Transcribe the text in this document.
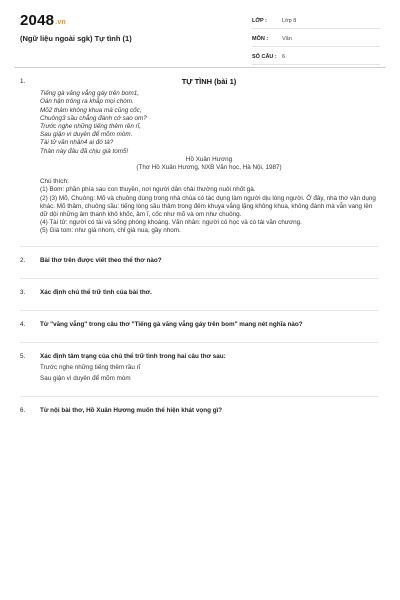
2048.vn
(Ngữ liệu ngoài sgk) Tự tình (1)
LỚP :	Lớp 8
MÔN :	Văn
SỐ CÂU : 6
1.	TỰ TÌNH (bài 1)
Tiếng gà văng vẳng gáy trên bom1,
Oán hận trông ra khắp mọi chòm.
Mõ2 thâm không khua mà cũng cốc,
Chuông3 sầu chẳng đánh cớ sao om?
Trước nghe những tiếng thêm rền rĩ,
Sau giận vì duyên để mõm mòm.
Tài tử văn nhân4 ai đó tá?
Thân này đâu đã chịu già tom5!
Hồ Xuân Hương
(Thơ Hồ Xuân Hương, NXB Văn học, Hà Nội, 1987)
Chú thích:
(1) Bom: phần phía sau con thuyền, nơi người dân chài thường nuôi nhốt gà.
(2) (3) Mõ, Chuông: Mõ và chuông dùng trong nhà chùa có tác dụng làm người dịu lòng người. Ở đây, nhà thơ vận dụng khác. Mõ thâm, chuông sầu: tiếng lòng sầu thảm trong đêm khuya vắng lặng không khua, không đánh mà vẫn vang lên dữ dội những âm thanh khô khốc, âm ĩ, cốc như mõ và om như chuông.
(4) Tài tử: người có tài và sống phóng khoáng. Văn nhân: người có học và có tài văn chương.
(5) Già tom: như già nhom, chỉ già nua, gầy nhom.
2.	Bài thơ trên được viết theo thể thơ nào?
3.	Xác định chủ thể trữ tình của bài thơ.
4.	Từ "văng vẳng" trong câu thơ "Tiếng gà văng vẳng gáy trên bom" mang nét nghĩa nào?
5.	Xác định tâm trạng của chủ thể trữ tình trong hai câu thơ sau:
Trước nghe những tiếng thêm rầu rĩ
Sau giận vì duyên để mõm mòm
6.	Từ nội bài thơ, Hồ Xuân Hương muốn thể hiện khát vọng gì?
